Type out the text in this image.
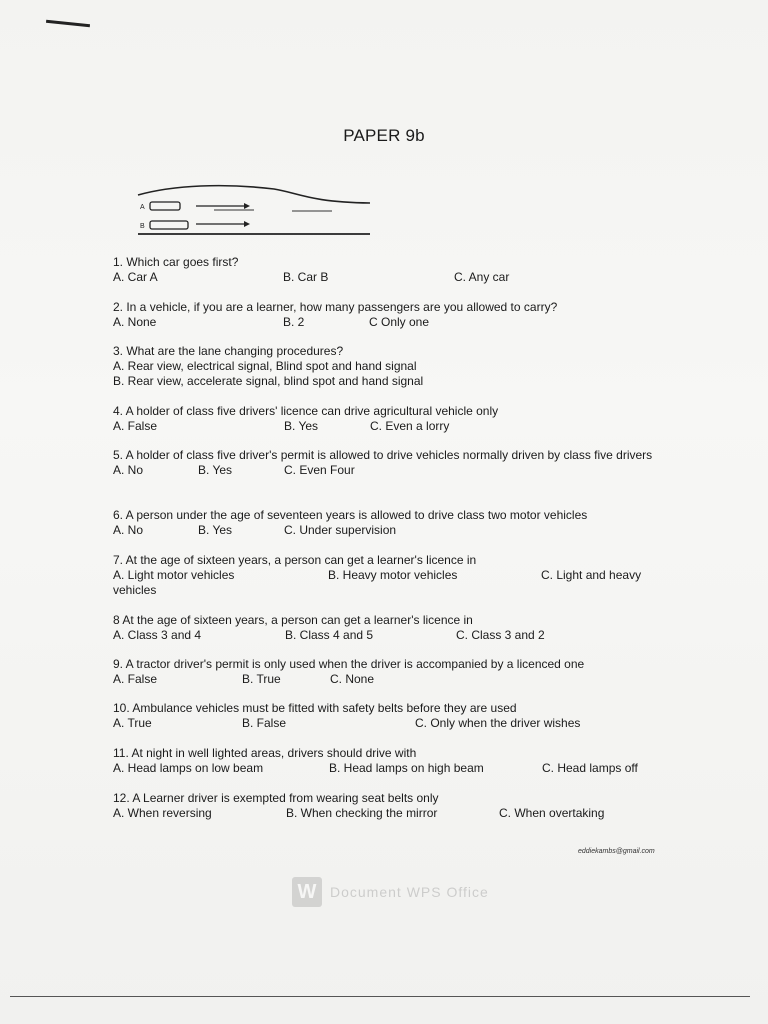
PAPER 9b
A
B
1. Which car goes first?
A. Car A	B. Car B	C. Any car
2. In a vehicle, if you are a learner, how many passengers are you allowed to carry?
A. None	B. 2	C Only one
3. What are the lane changing procedures?
A. Rear view, electrical signal, Blind spot and hand signal
B. Rear view, accelerate signal, blind spot and hand signal
4. A holder of class five drivers' licence can drive agricultural vehicle only
A. False	B. Yes	C. Even a lorry
5. A holder of class five driver's permit is allowed to drive vehicles normally driven by class five drivers
A. No	B. Yes	C. Even Four
6. A person under the age of seventeen years is allowed to drive class two motor vehicles
A. No	B. Yes	C. Under supervision
7. At the age of sixteen years, a person can get a learner's licence in
A. Light motor vehicles	B. Heavy motor vehicles	C. Light and heavy
vehicles
8 At the age of sixteen years, a person can get a learner's licence in
A. Class 3 and 4	B. Class 4 and 5	C. Class 3 and 2
9. A tractor driver's permit is only used when the driver is accompanied by a licenced one
A. False	B. True	C. None
10. Ambulance vehicles must be fitted with safety belts before they are used
A. True	B. False	C. Only when the driver wishes
11. At night in well lighted areas, drivers should drive with
A. Head lamps on low beam	B. Head lamps on high beam	C. Head lamps off
12. A Learner driver is exempted from wearing seat belts only
A. When reversing	B. When checking the mirror	C. When overtaking
eddiekambs@gmail.com
W Document WPS Office
